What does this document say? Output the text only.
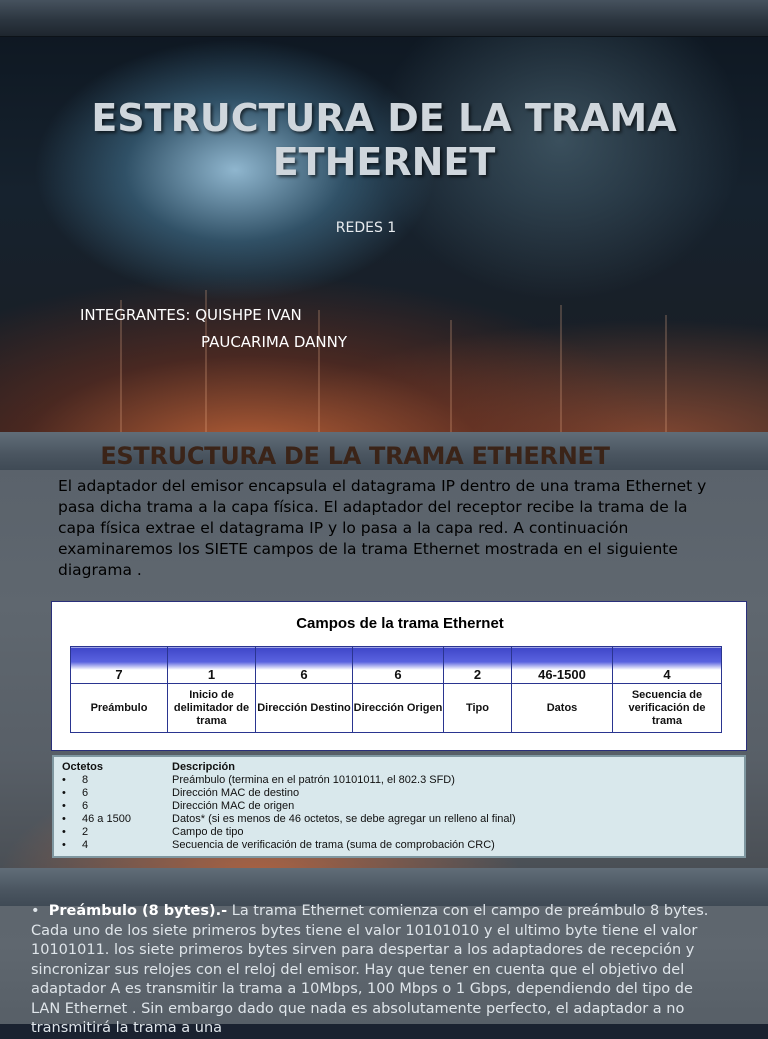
ESTRUCTURA DE LA TRAMA ETHERNET
REDES 1
INTEGRANTES: QUISHPE IVAN
PAUCARIMA DANNY
ESTRUCTURA DE LA TRAMA ETHERNET

El adaptador del emisor encapsula el datagrama IP dentro de una trama Ethernet y pasa dicha trama a la capa física. El adaptador del receptor recibe la trama de la capa física extrae el datagrama IP y lo pasa a la capa red. A continuación examinaremos los SIETE campos de la trama Ethernet mostrada en el siguiente diagrama .

Campos de la trama Ethernet
7	1	6	6	2	46-1500	4
Preámbulo	Inicio de delimitador de trama	Dirección Destino	Dirección Origen	Tipo	Datos	Secuencia de verificación de trama
Octetos		Descripción
•	8	Preámbulo (termina en el patrón 10101011, el 802.3 SFD)
•	6	Dirección MAC de destino
•	6	Dirección MAC de origen
•	46 a 1500	Datos* (si es menos de 46 octetos, se debe agregar un relleno al final)
•	2	Campo de tipo
•	4	Secuencia de verificación de trama (suma de comprobación CRC)

• Preámbulo (8 bytes).- La trama Ethernet comienza con el campo de preámbulo 8 bytes. Cada uno de los siete primeros bytes tiene el valor 10101010 y el ultimo byte tiene el valor 10101011. los siete primeros bytes sirven para despertar a los adaptadores de recepción y sincronizar sus relojes con el reloj del emisor. Hay que tener en cuenta que el objetivo del adaptador A es transmitir la trama a 10Mbps, 100 Mbps o 1 Gbps, dependiendo del tipo de LAN Ethernet . Sin embargo dado que nada es absolutamente perfecto, el adaptador a no transmitirá la trama a una
